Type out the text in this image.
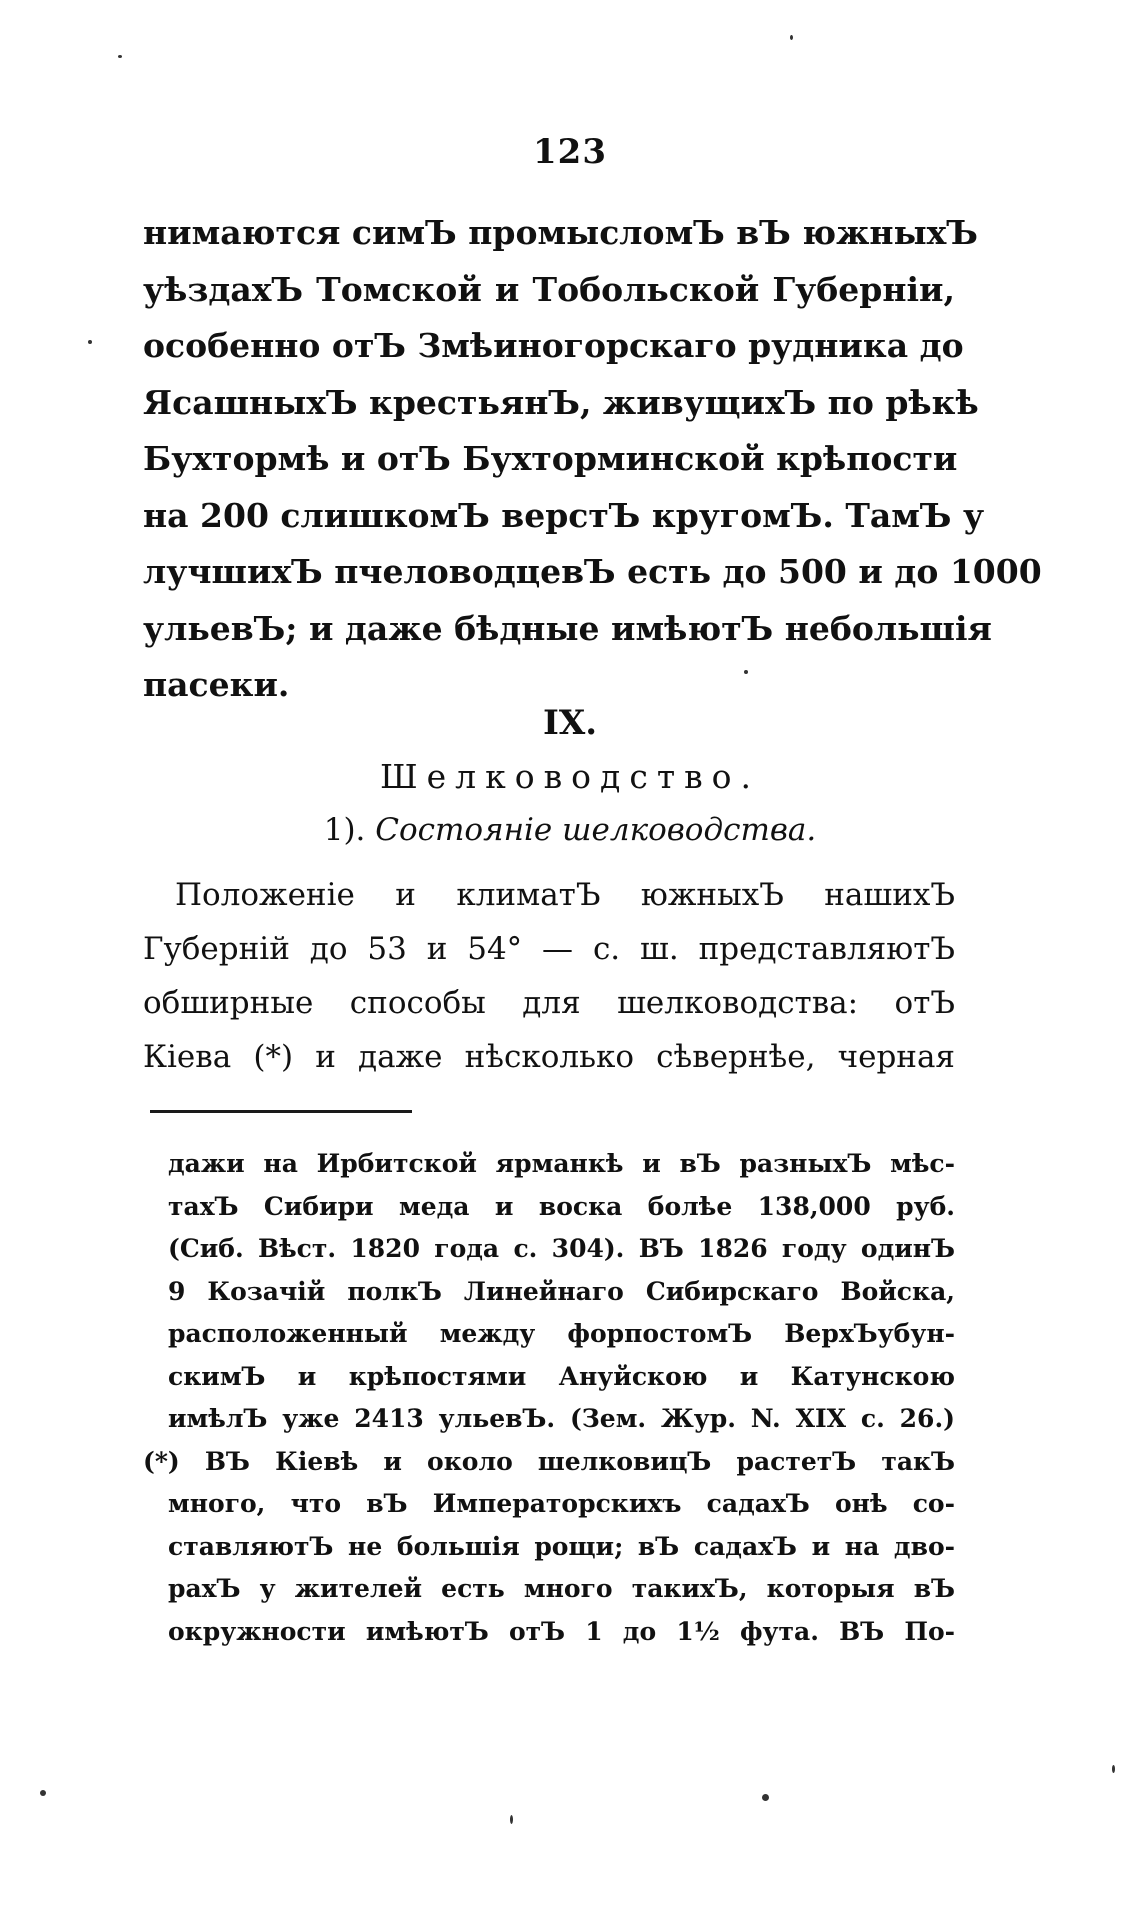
123
нимаются симЪ промысломЪ вЪ южныхЪ
уѣздахЪ Томской и Тобольской Губерніи,
особенно отЪ Змѣиногорскаго рудника до
ЯсашныхЪ крестьянЪ, живущихЪ по рѣкѣ
Бухтормѣ и отЪ Бухторминской крѣпости
на 200 слишкомЪ верстЪ кругомЪ. ТамЪ у
лучшихЪ пчеловодцевЪ есть до 500 и до 1000
ульевЪ; и даже бѣдные имѣютЪ небольшія
пасеки.
IX.
Шелководство.
1). Состояніе шелководства.
Положеніе и климатЪ южныхЪ нашихЪ
Губерній до 53 и 54° — с. ш. представляютЪ
обширные способы для шелководства: отЪ
Кіева (*) и даже нѣсколько сѣвернѣе, черная
дажи на Ирбитской ярманкѣ и вЪ разныхЪ мѣс-
тахЪ Сибири меда и воска болѣе 138,000 руб.
(Сиб. Вѣст. 1820 года с. 304). ВЪ 1826 году одинЪ
9 Козачій полкЪ Линейнаго Сибирскаго Войска,
расположенный между форпостомЪ ВерхЪубун-
скимЪ и крѣпостями Ануйскою и Катунскою
имѣлЪ уже 2413 ульевЪ. (Зем. Жур. N. XIX с. 26.)
(*) ВЪ Кіевѣ и около шелковицЪ растетЪ такЪ
много, что вЪ Императорскихъ садахЪ онѣ со-
ставляютЪ не большія рощи; вЪ садахЪ и на дво-
рахЪ у жителей есть много такихЪ, которыя вЪ
окружности имѣютЪ отЪ 1 до 1½ фута. ВЪ По-
